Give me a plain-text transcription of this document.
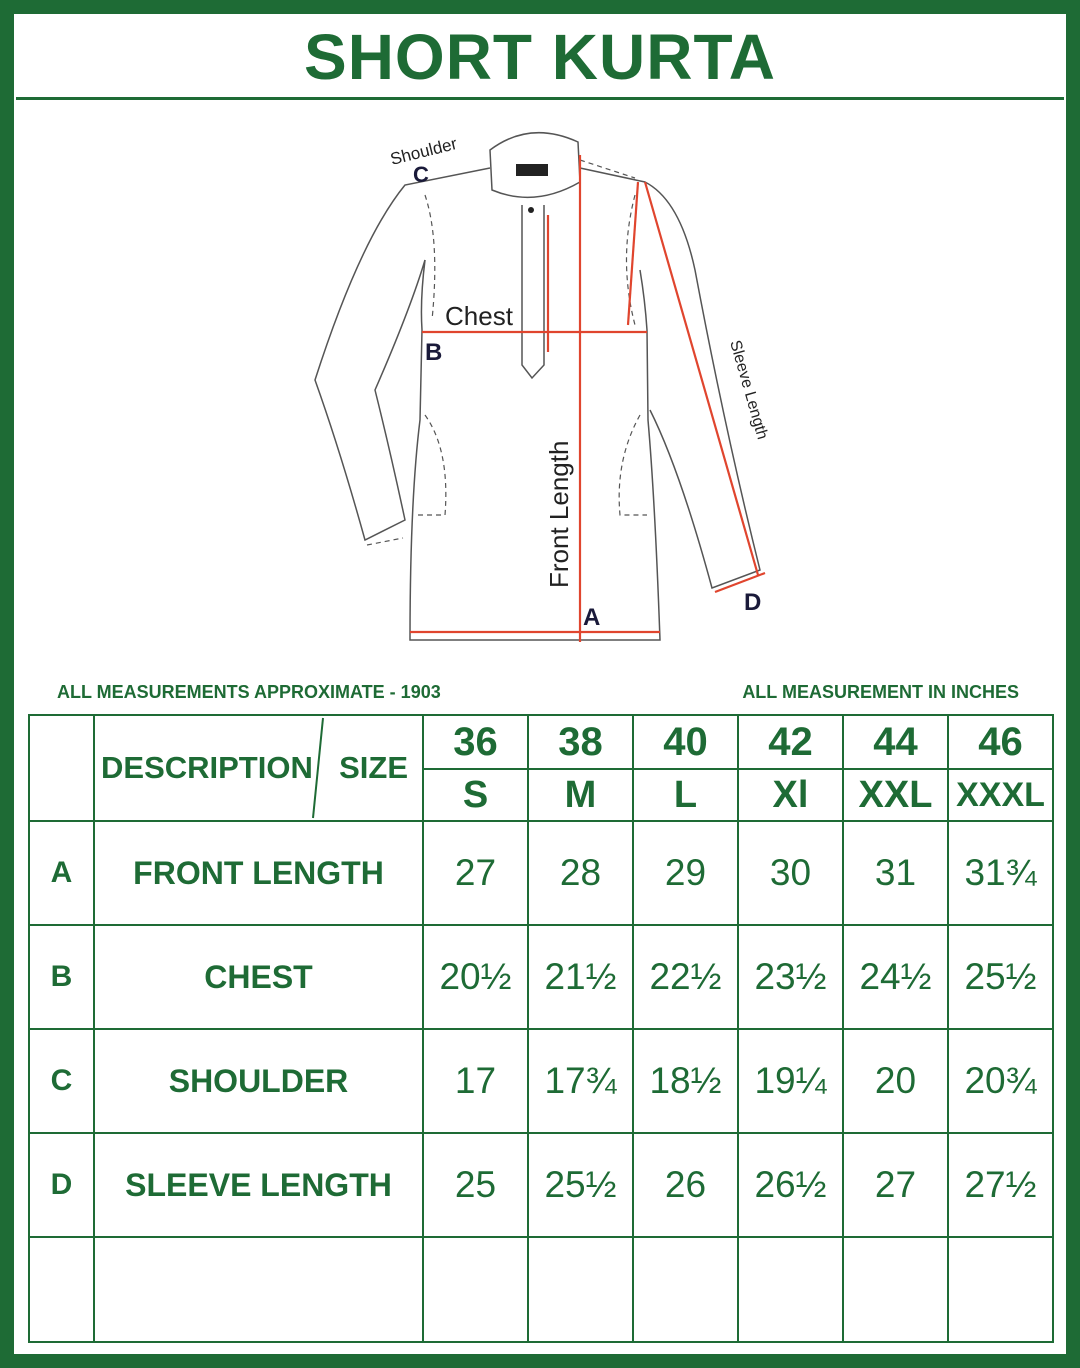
SHORT KURTA
Shoulder
C
Chest
B
Front Length
A
Sleeve Length
D
ALL MEASUREMENTS APPROXIMATE - 1903	ALL MEASUREMENT IN INCHES

	DESCRIPTION SIZE	36	38	40	42	44	46
		S	M	L	Xl	XXL	XXXL
A	FRONT LENGTH	27	28	29	30	31	31¾
B	CHEST	20½	21½	22½	23½	24½	25½
C	SHOULDER	17	17¾	18½	19¼	20	20¾
D	SLEEVE LENGTH	25	25½	26	26½	27	27½
